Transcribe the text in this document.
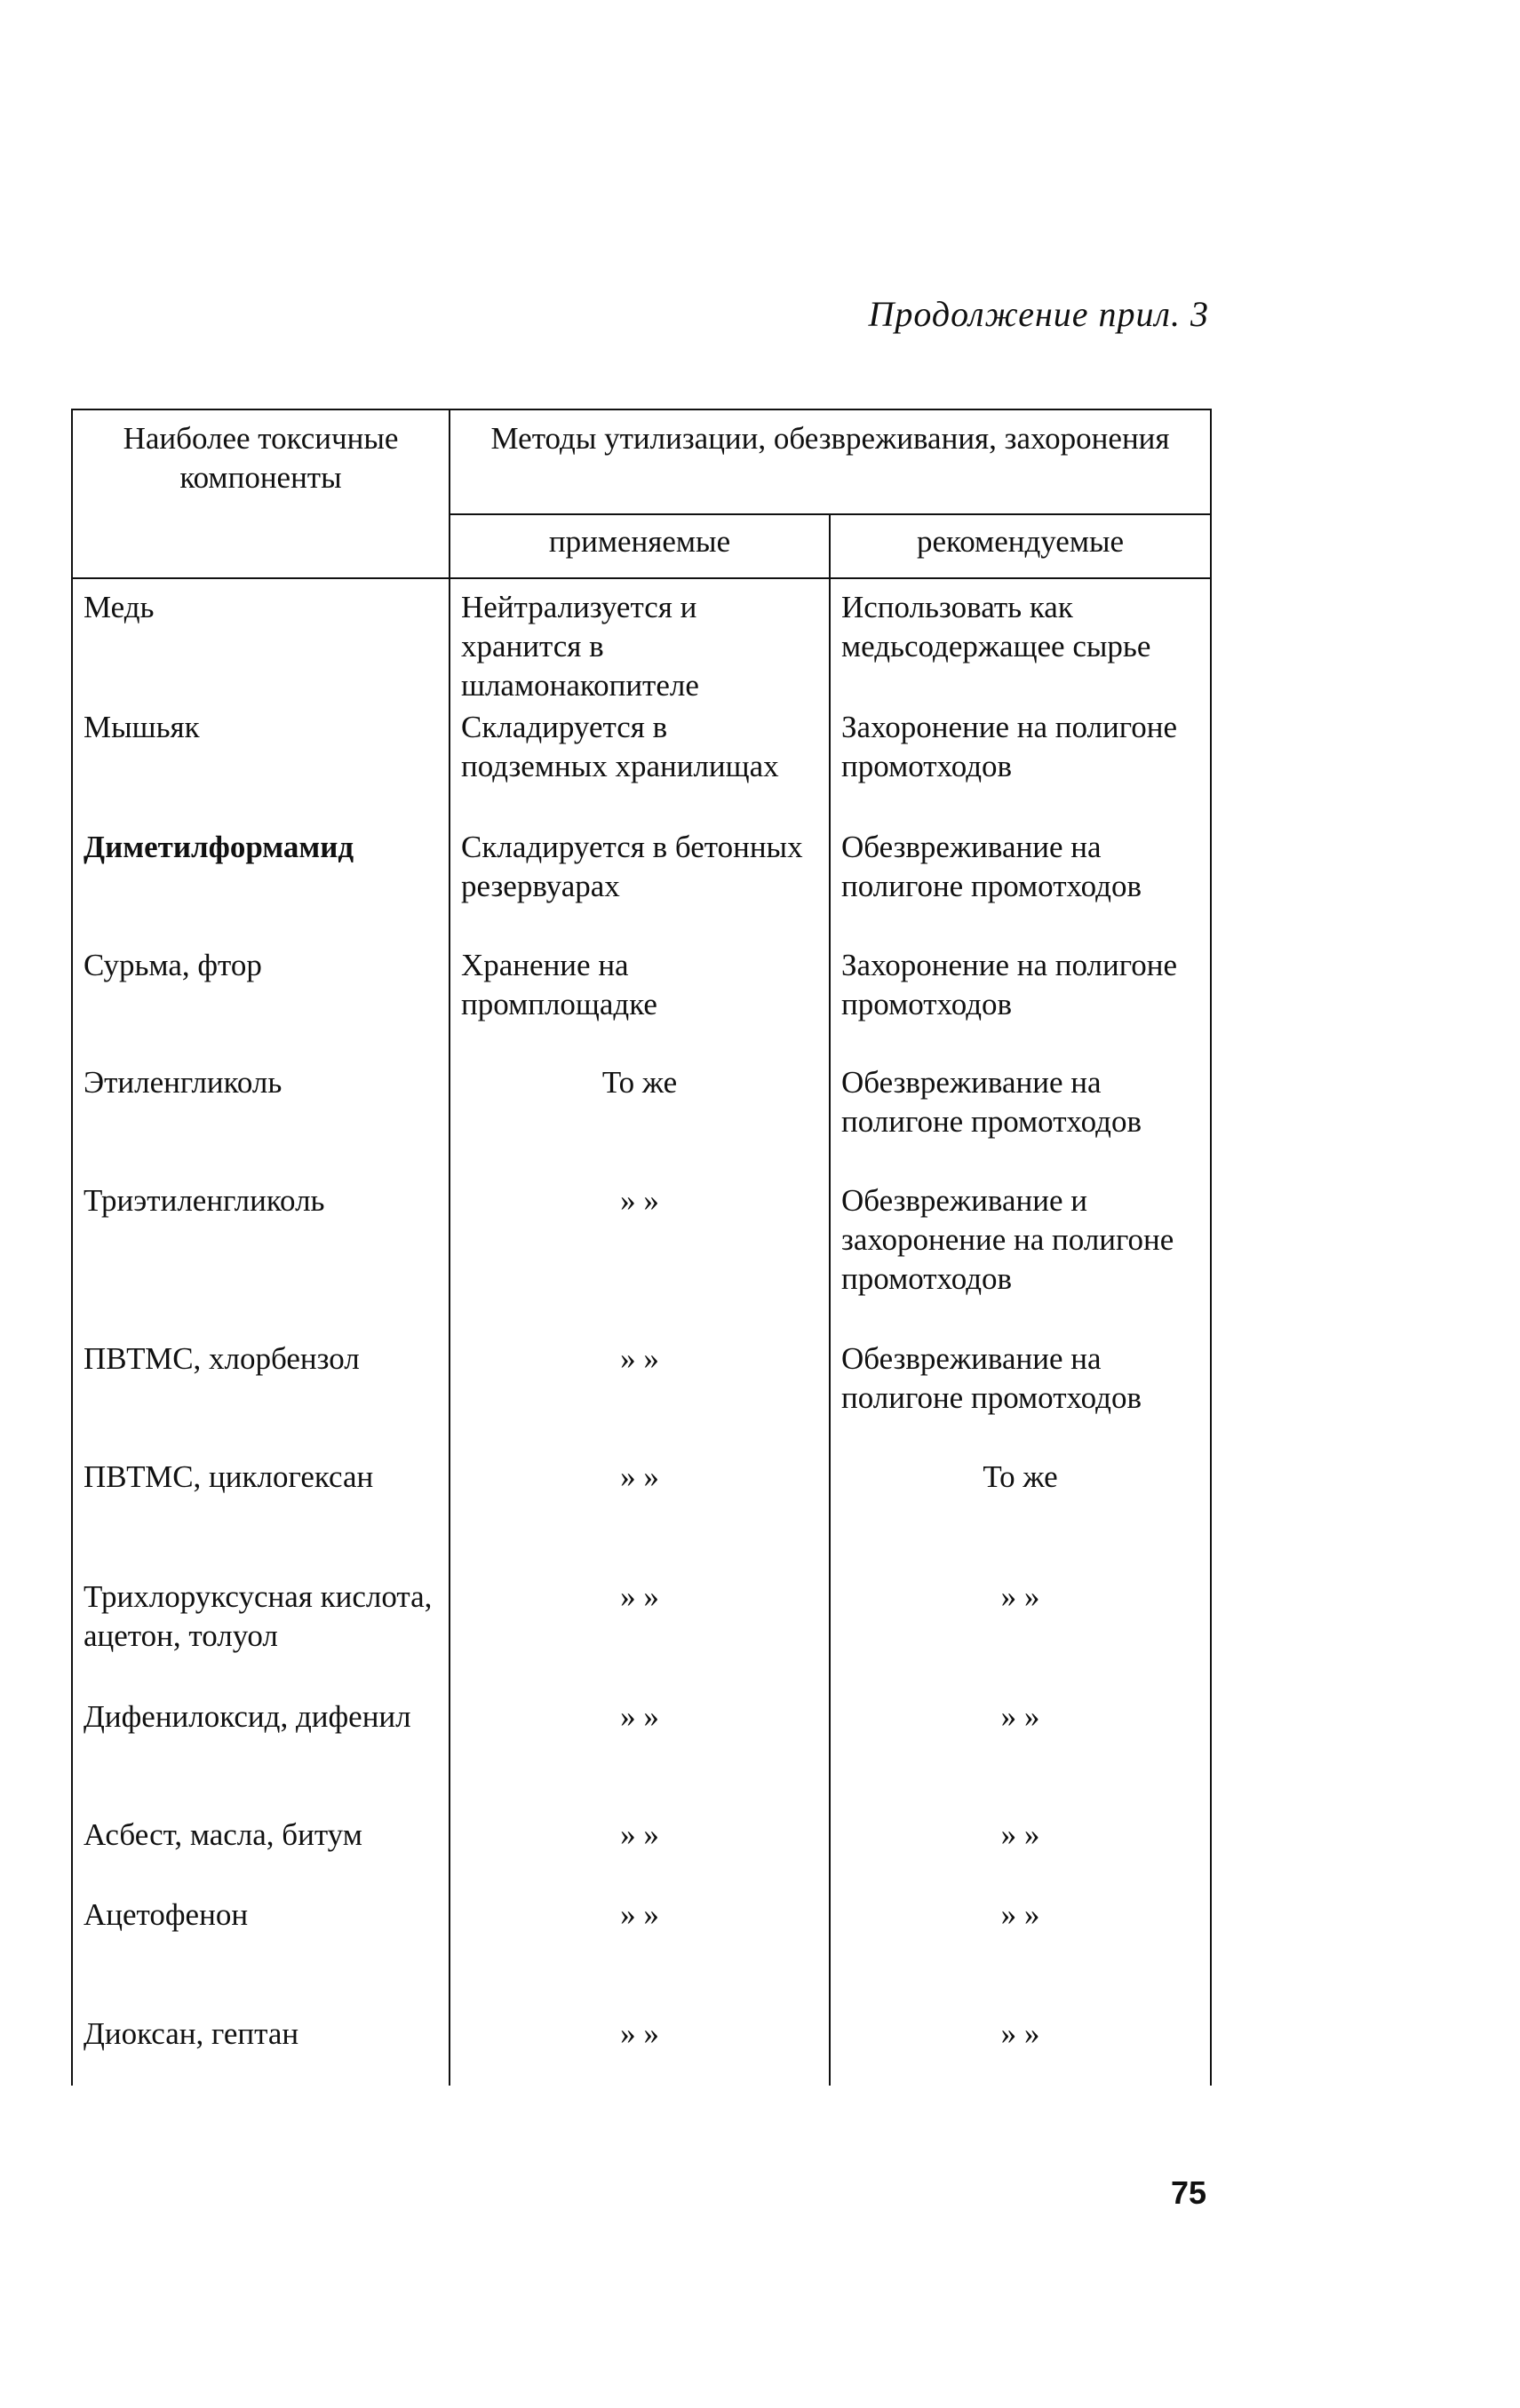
Продолжение прил. 3
Наиболее токсичные компоненты	Методы утилизации, обезвреживания, захоронения	
	применяемые	рекомендуемые
Медь	Нейтрализуется и хранится в шламонакопителе	Использовать как медьсодержащее сырье
Мышьяк	Складируется в подземных хранилищах	Захоронение на полигоне промотходов
Диметилформамид	Складируется в бетонных резервуарах	Обезвреживание на полигоне промотходов
Сурьма, фтор	Хранение на промплощадке	Захоронение на полигоне промотходов
Этиленгликоль	То же	Обезвреживание на полигоне промотходов
Триэтиленгликоль	» »	Обезвреживание и захоронение на полигоне промотходов
ПВТМС, хлорбензол	» »	Обезвреживание на полигоне промотходов
ПВТМС, циклогексан	» »	То же
Трихлоруксусная кислота, ацетон, толуол	» »	» »
Дифенилоксид, дифенил	» »	» »
Асбест, масла, битум	» »	» »
Ацетофенон	» »	» »
Диоксан, гептан	» »	» »
75
